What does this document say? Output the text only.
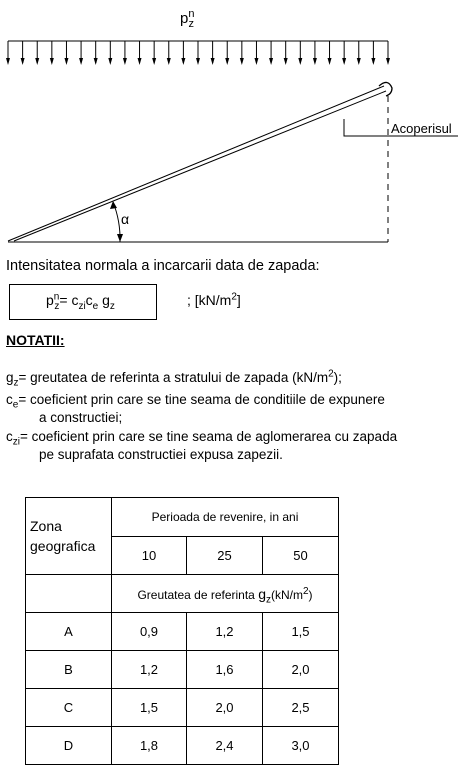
$p^n_z$
Acoperisul
α
Intensitatea normala a incarcarii data de zapada:
$p^n_z= c_{zi}c_e$ $g_z$	; $[kN/m^2]$
NOTATII:
$g_z=$ greutatea de referinta a stratului de zapada $(kN/m^2)$;
$c_e=$ coeficient prin care se tine seama de conditiile de expunere
a constructiei;
$c_{zi}=$ coeficient prin care se tine seama de aglomerarea cu zapada
pe suprafata constructiei expusa zapezii.
Zona
geografica	Perioada de revenire, in ani		
	10	25	50
	Greutatea de referinta $g_z(kN/m^2)$		
A	0,9	1,2	1,5
B	1,2	1,6	2,0
C	1,5	2,0	2,5
D	1,8	2,4	3,0
